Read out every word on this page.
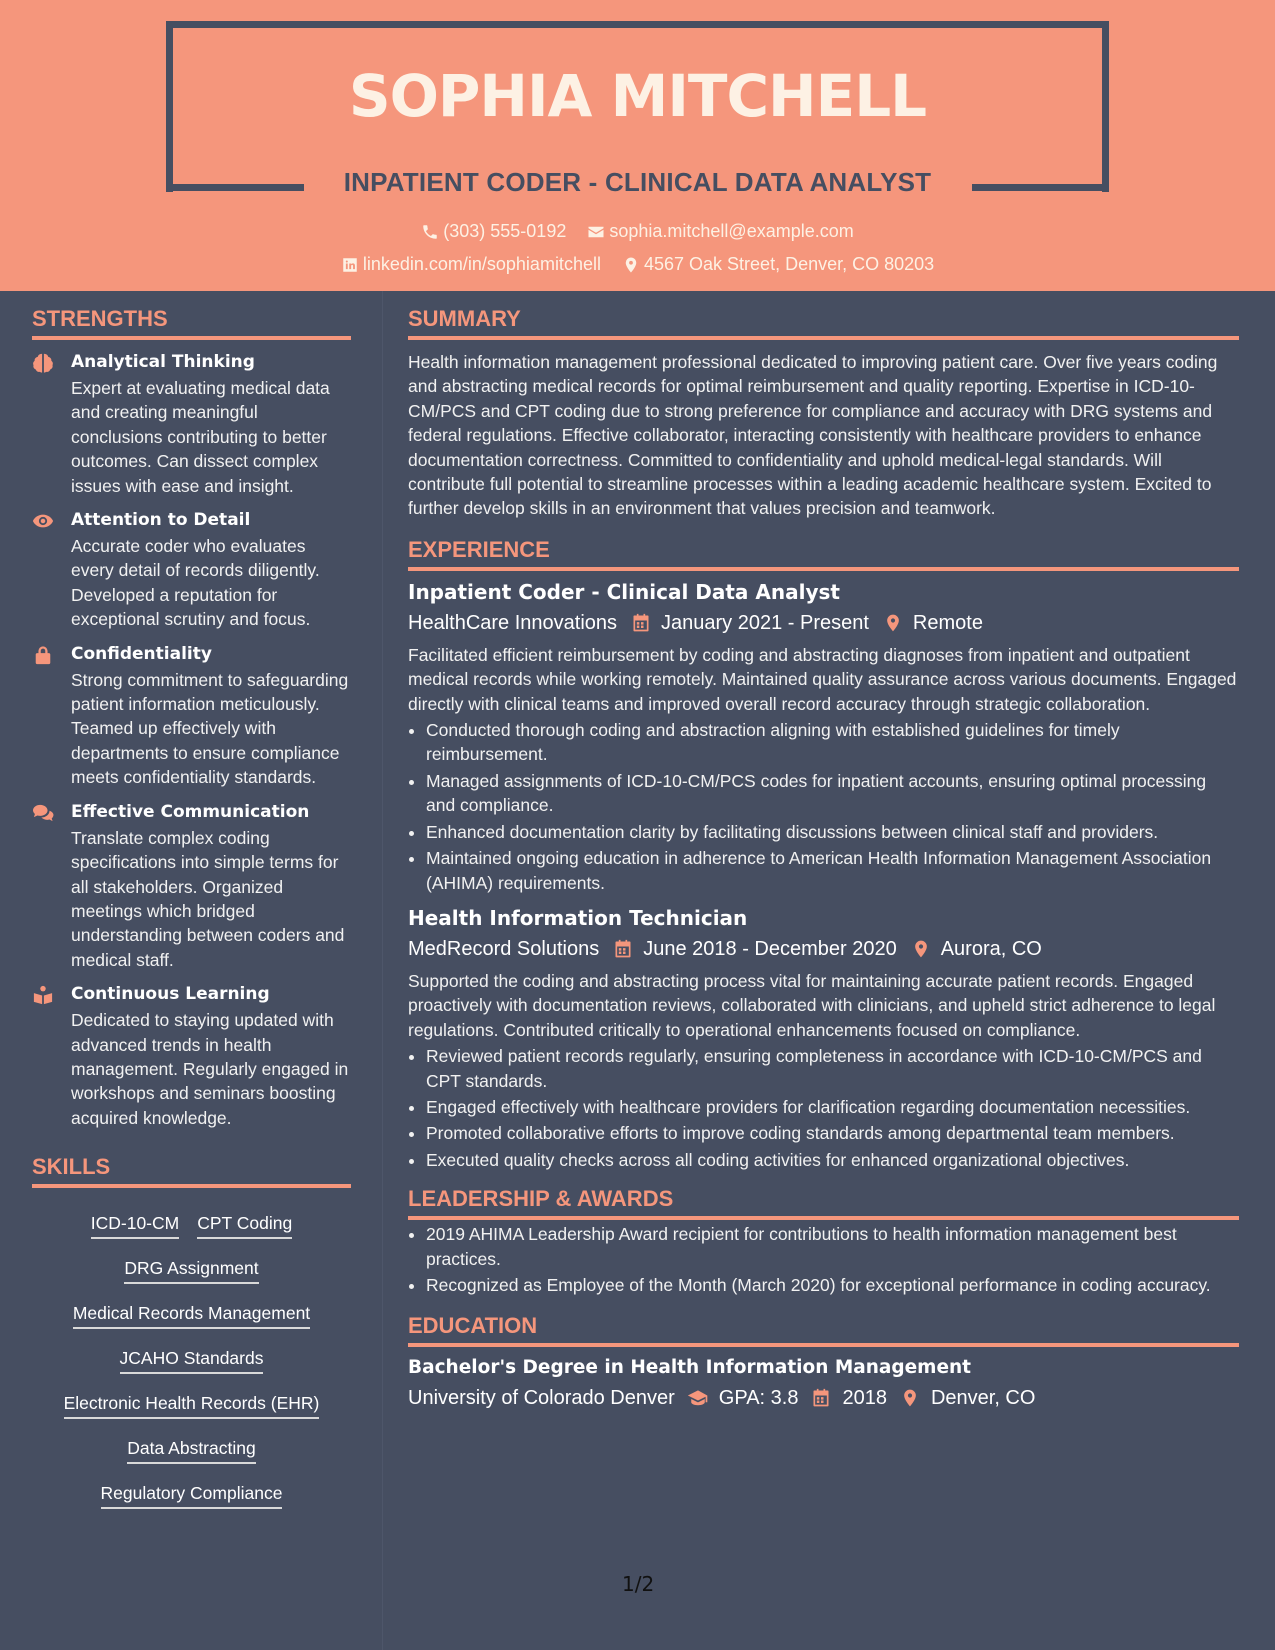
SOPHIA MITCHELL
INPATIENT CODER - CLINICAL DATA ANALYST
(303) 555-0192
sophia.mitchell@example.com
linkedin.com/in/sophiamitchell
4567 Oak Street, Denver, CO 80203
STRENGTHS
Analytical Thinking
Expert at evaluating medical data and creating meaningful conclusions contributing to better outcomes. Can dissect complex issues with ease and insight.
Attention to Detail
Accurate coder who evaluates every detail of records diligently. Developed a reputation for exceptional scrutiny and focus.
Confidentiality
Strong commitment to safeguarding patient information meticulously. Teamed up effectively with departments to ensure compliance meets confidentiality standards.
Effective Communication
Translate complex coding specifications into simple terms for all stakeholders. Organized meetings which bridged understanding between coders and medical staff.
Continuous Learning
Dedicated to staying updated with advanced trends in health management. Regularly engaged in workshops and seminars boosting acquired knowledge.
SKILLS
ICD-10-CM CPT Coding
DRG Assignment
Medical Records Management
JCAHO Standards
Electronic Health Records (EHR)
Data Abstracting
Regulatory Compliance
SUMMARY
Health information management professional dedicated to improving patient care. Over five years coding and abstracting medical records for optimal reimbursement and quality reporting. Expertise in ICD-10-CM/PCS and CPT coding due to strong preference for compliance and accuracy with DRG systems and federal regulations. Effective collaborator, interacting consistently with healthcare providers to enhance documentation correctness. Committed to confidentiality and uphold medical-legal standards. Will contribute full potential to streamline processes within a leading academic healthcare system. Excited to further develop skills in an environment that values precision and teamwork.
EXPERIENCE
Inpatient Coder - Clinical Data Analyst
HealthCare Innovations January 2021 - Present Remote
Facilitated efficient reimbursement by coding and abstracting diagnoses from inpatient and outpatient medical records while working remotely. Maintained quality assurance across various documents. Engaged directly with clinical teams and improved overall record accuracy through strategic collaboration.
• Conducted thorough coding and abstraction aligning with established guidelines for timely reimbursement.
• Managed assignments of ICD-10-CM/PCS codes for inpatient accounts, ensuring optimal processing and compliance.
• Enhanced documentation clarity by facilitating discussions between clinical staff and providers.
• Maintained ongoing education in adherence to American Health Information Management Association (AHIMA) requirements.
Health Information Technician
MedRecord Solutions June 2018 - December 2020 Aurora, CO
Supported the coding and abstracting process vital for maintaining accurate patient records. Engaged proactively with documentation reviews, collaborated with clinicians, and upheld strict adherence to legal regulations. Contributed critically to operational enhancements focused on compliance.
• Reviewed patient records regularly, ensuring completeness in accordance with ICD-10-CM/PCS and CPT standards.
• Engaged effectively with healthcare providers for clarification regarding documentation necessities.
• Promoted collaborative efforts to improve coding standards among departmental team members.
• Executed quality checks across all coding activities for enhanced organizational objectives.
LEADERSHIP & AWARDS
• 2019 AHIMA Leadership Award recipient for contributions to health information management best practices.
• Recognized as Employee of the Month (March 2020) for exceptional performance in coding accuracy.
EDUCATION
Bachelor's Degree in Health Information Management
University of Colorado Denver GPA: 3.8 2018 Denver, CO
1/2
